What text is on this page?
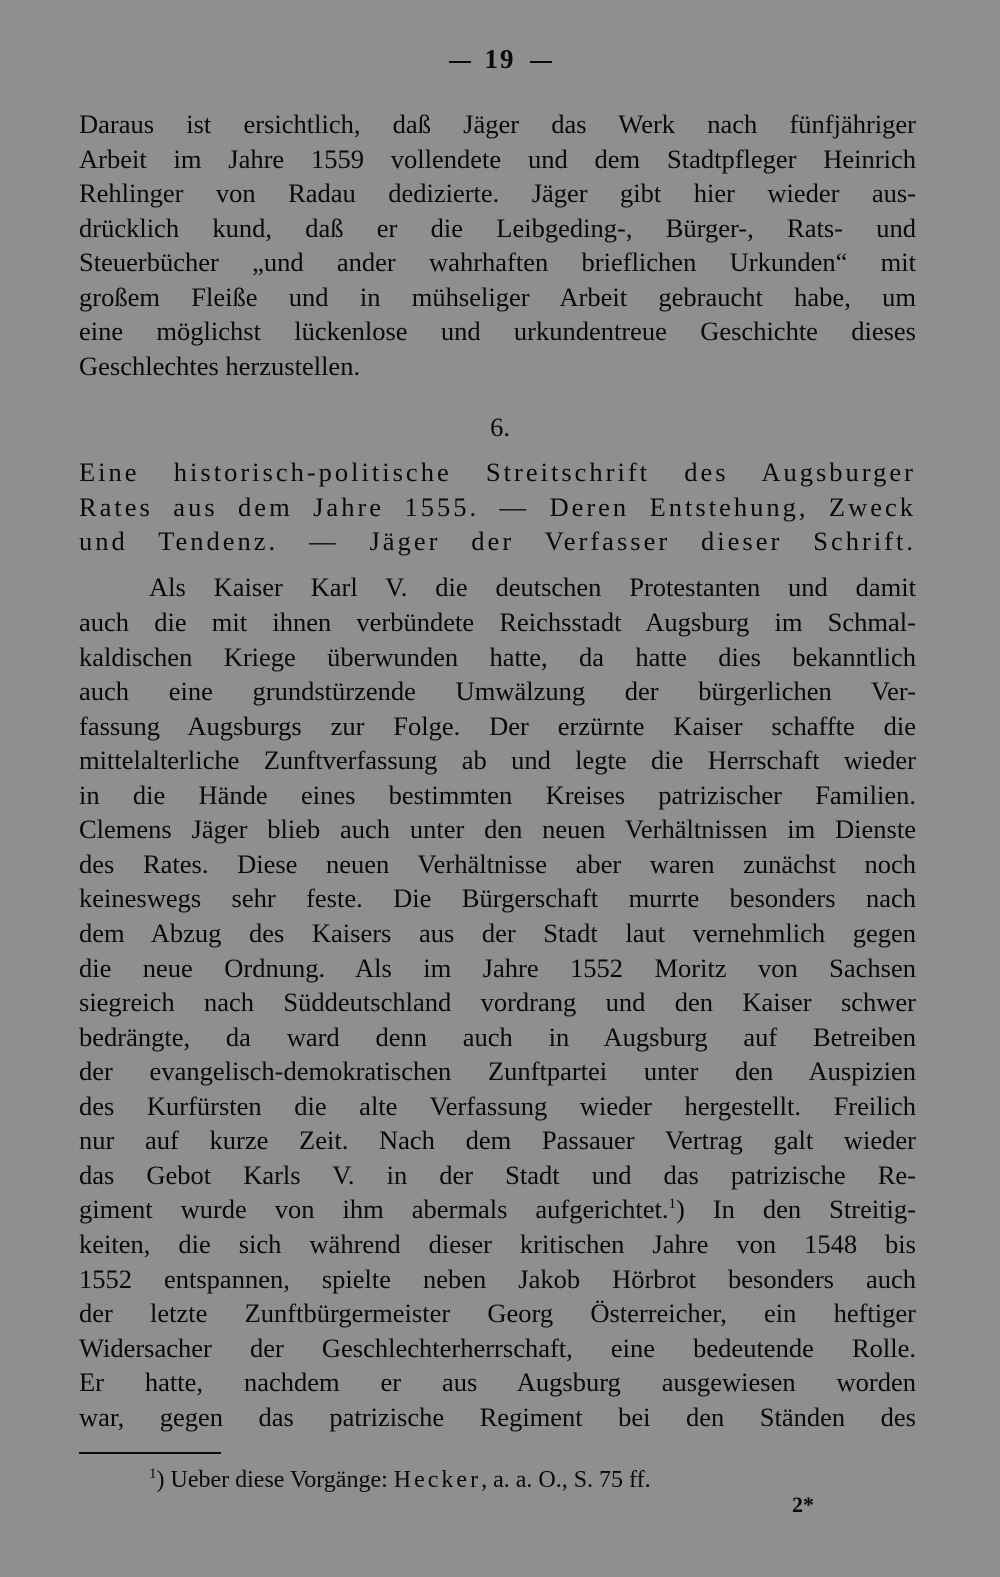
19
Daraus ist ersichtlich, daß Jäger das Werk nach fünfjähriger
Arbeit im Jahre 1559 vollendete und dem Stadtpfleger Heinrich
Rehlinger von Radau dedizierte. Jäger gibt hier wieder aus-
drücklich kund, daß er die Leibgeding-, Bürger-, Rats- und
Steuerbücher „und ander wahrhaften brieflichen Urkunden“ mit
großem Fleiße und in mühseliger Arbeit gebraucht habe, um
eine möglichst lückenlose und urkundentreue Geschichte dieses
Geschlechtes herzustellen.
6.
Eine historisch-politische Streitschrift des Augsburger
Rates aus dem Jahre 1555. — Deren Entstehung, Zweck
und Tendenz. — Jäger der Verfasser dieser Schrift.
Als Kaiser Karl V. die deutschen Protestanten und damit
auch die mit ihnen verbündete Reichsstadt Augsburg im Schmal-
kaldischen Kriege überwunden hatte, da hatte dies bekanntlich
auch eine grundstürzende Umwälzung der bürgerlichen Ver-
fassung Augsburgs zur Folge. Der erzürnte Kaiser schaffte die
mittelalterliche Zunftverfassung ab und legte die Herrschaft wieder
in die Hände eines bestimmten Kreises patrizischer Familien.
Clemens Jäger blieb auch unter den neuen Verhältnissen im Dienste
des Rates. Diese neuen Verhältnisse aber waren zunächst noch
keineswegs sehr feste. Die Bürgerschaft murrte besonders nach
dem Abzug des Kaisers aus der Stadt laut vernehmlich gegen
die neue Ordnung. Als im Jahre 1552 Moritz von Sachsen
siegreich nach Süddeutschland vordrang und den Kaiser schwer
bedrängte, da ward denn auch in Augsburg auf Betreiben
der evangelisch-demokratischen Zunftpartei unter den Auspizien
des Kurfürsten die alte Verfassung wieder hergestellt. Freilich
nur auf kurze Zeit. Nach dem Passauer Vertrag galt wieder
das Gebot Karls V. in der Stadt und das patrizische Re-
giment wurde von ihm abermals aufgerichtet.$^1$) In den Streitig-
keiten, die sich während dieser kritischen Jahre von 1548 bis
1552 entspannen, spielte neben Jakob Hörbrot besonders auch
der letzte Zunftbürgermeister Georg Österreicher, ein heftiger
Widersacher der Geschlechterherrschaft, eine bedeutende Rolle.
Er hatte, nachdem er aus Augsburg ausgewiesen worden
war, gegen das patrizische Regiment bei den Ständen des
$^1$) Ueber diese Vorgänge: Hecker, a. a. O., S. 75 ff.
2*
